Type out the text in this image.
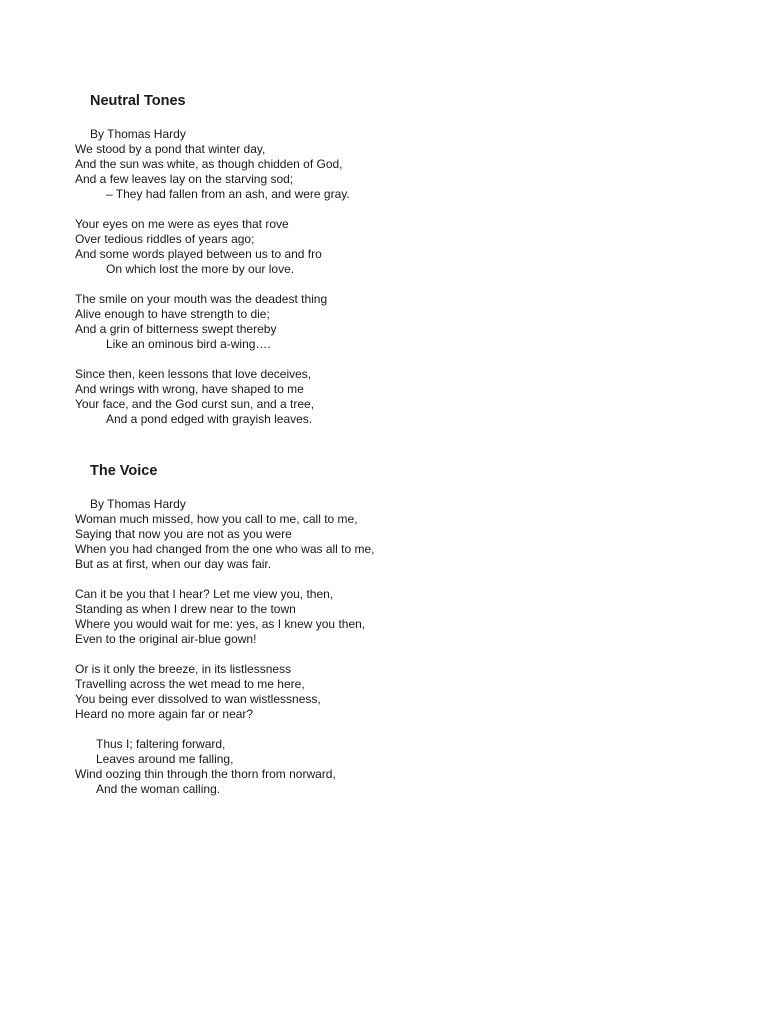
Neutral Tones
By Thomas Hardy
We stood by a pond that winter day,
And the sun was white, as though chidden of God,
And a few leaves lay on the starving sod;
– They had fallen from an ash, and were gray.
Your eyes on me were as eyes that rove
Over tedious riddles of years ago;
And some words played between us to and fro
On which lost the more by our love.
The smile on your mouth was the deadest thing
Alive enough to have strength to die;
And a grin of bitterness swept thereby
Like an ominous bird a-wing….
Since then, keen lessons that love deceives,
And wrings with wrong, have shaped to me
Your face, and the God curst sun, and a tree,
And a pond edged with grayish leaves.
The Voice
By Thomas Hardy
Woman much missed, how you call to me, call to me,
Saying that now you are not as you were
When you had changed from the one who was all to me,
But as at first, when our day was fair.
Can it be you that I hear? Let me view you, then,
Standing as when I drew near to the town
Where you would wait for me: yes, as I knew you then,
Even to the original air-blue gown!
Or is it only the breeze, in its listlessness
Travelling across the wet mead to me here,
You being ever dissolved to wan wistlessness,
Heard no more again far or near?
Thus I; faltering forward,
Leaves around me falling,
Wind oozing thin through the thorn from norward,
And the woman calling.
